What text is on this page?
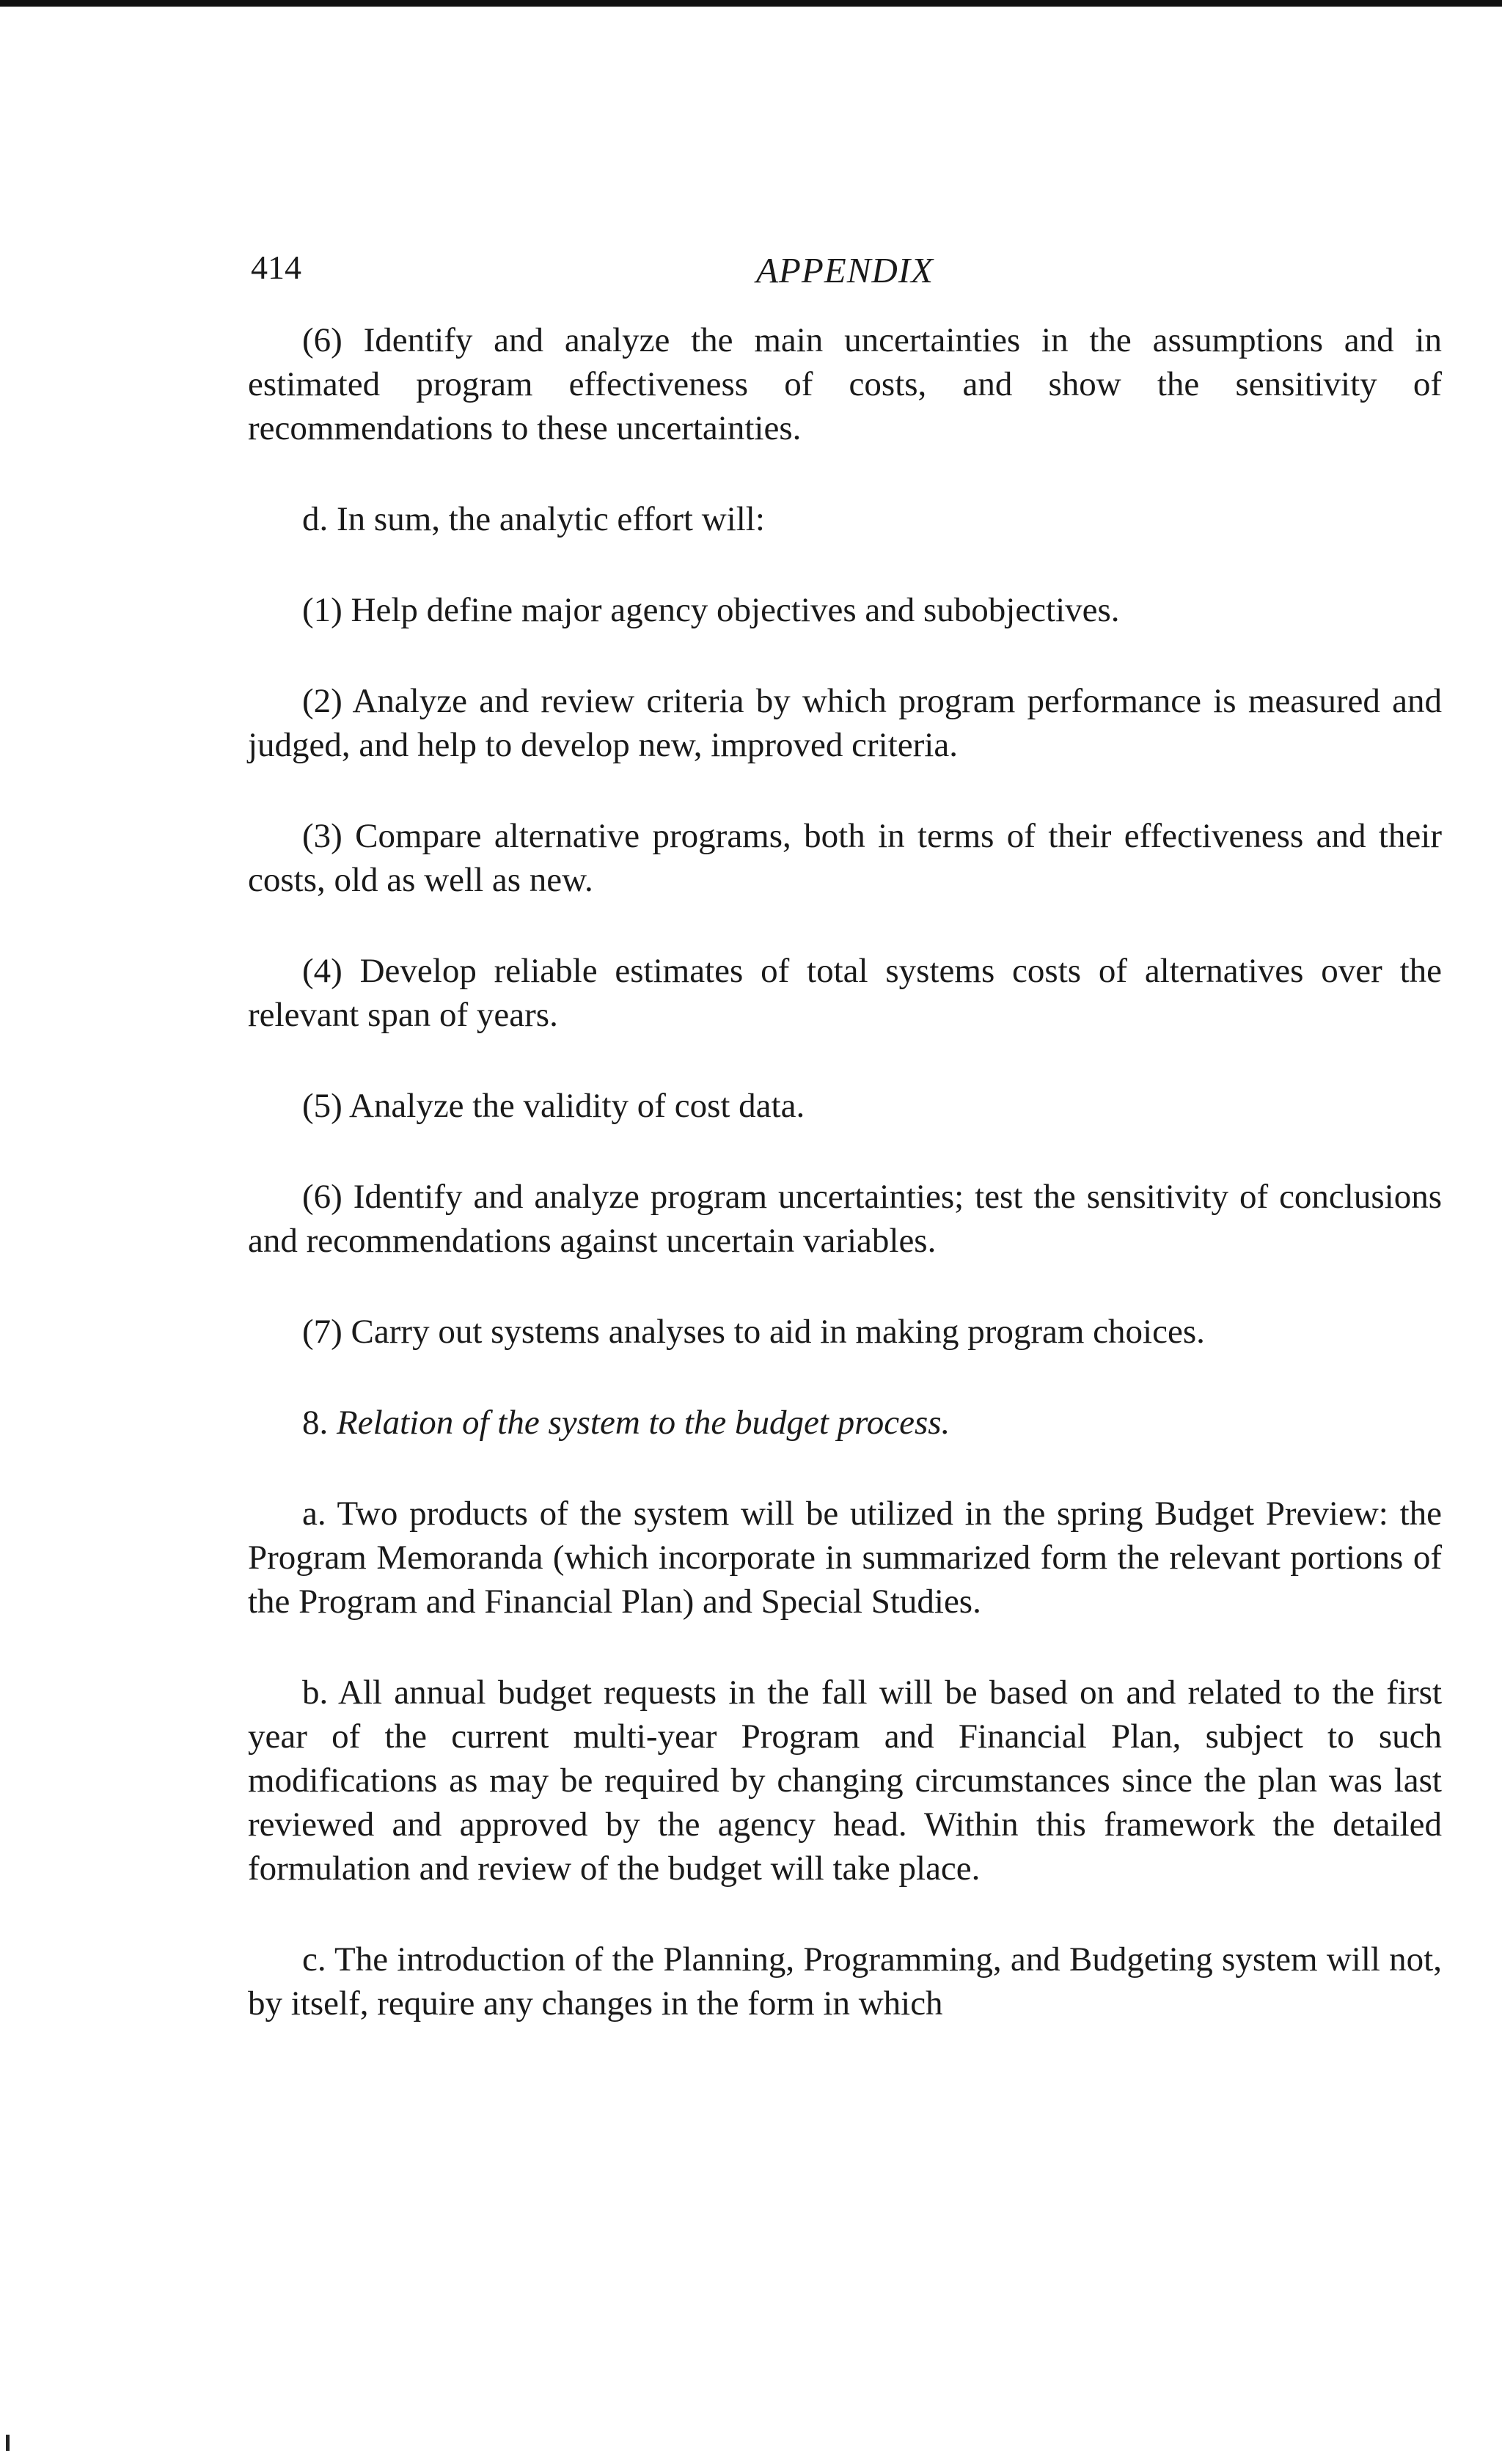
414	APPENDIX

(6) Identify and analyze the main uncertainties in the assumptions and in estimated program effectiveness of costs, and show the sensitivity of recommendations to these uncertainties.

d. In sum, the analytic effort will:

(1) Help define major agency objectives and subobjectives.

(2) Analyze and review criteria by which program performance is measured and judged, and help to develop new, improved criteria.

(3) Compare alternative programs, both in terms of their effectiveness and their costs, old as well as new.

(4) Develop reliable estimates of total systems costs of alternatives over the relevant span of years.

(5) Analyze the validity of cost data.

(6) Identify and analyze program uncertainties; test the sensitivity of conclusions and recommendations against uncertain variables.

(7) Carry out systems analyses to aid in making program choices.

8. Relation of the system to the budget process.

a. Two products of the system will be utilized in the spring Budget Preview: the Program Memoranda (which incorporate in summarized form the relevant portions of the Program and Financial Plan) and Special Studies.

b. All annual budget requests in the fall will be based on and related to the first year of the current multi-year Program and Financial Plan, subject to such modifications as may be required by changing circumstances since the plan was last reviewed and approved by the agency head. Within this framework the detailed formulation and review of the budget will take place.

c. The introduction of the Planning, Programming, and Budgeting system will not, by itself, require any changes in the form in which
